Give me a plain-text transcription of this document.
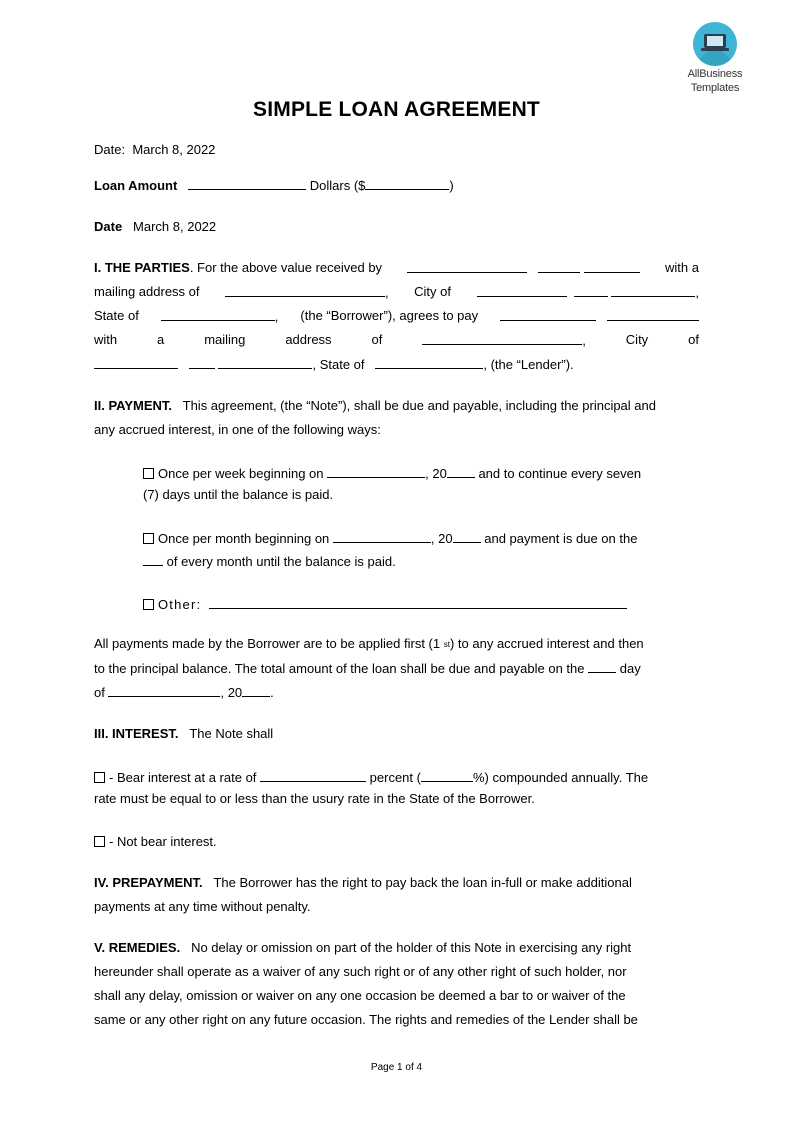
AllBusiness
Templates
SIMPLE LOAN AGREEMENT
Date: March 8, 2022
Loan Amount	Dollars ($	)
Date March 8, 2022
I. THE PARTIES. For the above value received by
	with a
mailing address of	, City of	,
State of	, (the “Borrower”), agrees to pay

with	a	mailing	address	of	,	City	of
, State of	, (the “Lender”).
II. PAYMENT. This agreement, (the “Note”), shall be due and payable, including the principal and
any accrued interest, in one of the following ways:
Once per week beginning on	, 20 and to continue every seven
(7) days until the balance is paid.
Once per month beginning on	, 20 and payment is due on the
of every month until the balance is paid.
Other:
All payments made by the Borrower are to be applied first (1 st) to any accrued interest and then
to the principal balance. The total amount of the loan shall be due and payable on the	day
of	, 20 .
III. INTEREST. The Note shall
- Bear interest at a rate of	percent (	%) compounded annually. The
rate must be equal to or less than the usury rate in the State of the Borrower.
- Not bear interest.
IV. PREPAYMENT. The Borrower has the right to pay back the loan in-full or make additional
payments at any time without penalty.
V. REMEDIES. No delay or omission on part of the holder of this Note in exercising any right
hereunder shall operate as a waiver of any such right or of any other right of such holder, nor
shall any delay, omission or waiver on any one occasion be deemed a bar to or waiver of the
same or any other right on any future occasion. The rights and remedies of the Lender shall be
Page 1 of 4
